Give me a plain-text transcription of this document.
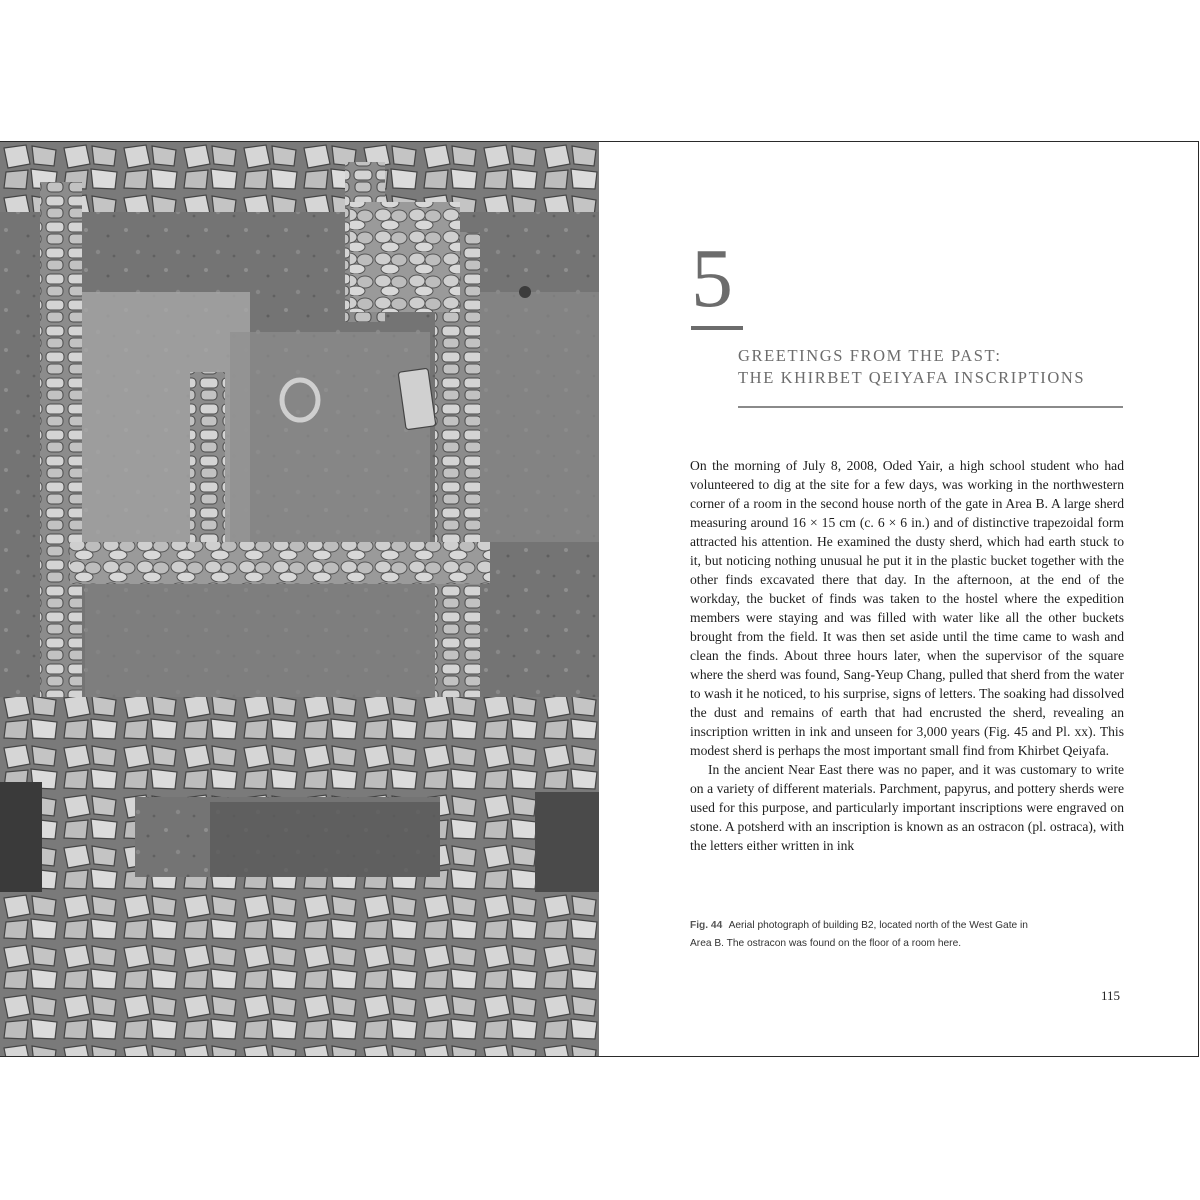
5
GREETINGS FROM THE PAST:
THE KHIRBET QEIYAFA INSCRIPTIONS

On the morning of July 8, 2008, Oded Yair, a high school student who had volunteered to dig at the site for a few days, was working in the northwestern corner of a room in the second house north of the gate in Area B. A large sherd measuring around 16 × 15 cm (c. 6 × 6 in.) and of distinctive trapezoidal form attracted his attention. He examined the dusty sherd, which had earth stuck to it, but noticing nothing unusual he put it in the plastic bucket together with the other finds excavated there that day. In the afternoon, at the end of the workday, the bucket of finds was taken to the hostel where the expedition members were staying and was filled with water like all the other buckets brought from the field. It was then set aside until the time came to wash and clean the finds. About three hours later, when the supervisor of the square where the sherd was found, Sang-Yeup Chang, pulled that sherd from the water to wash it he noticed, to his surprise, signs of letters. The soaking had dissolved the dust and remains of earth that had encrusted the sherd, revealing an inscription written in ink and unseen for 3,000 years (Fig. 45 and Pl. xx). This modest sherd is perhaps the most important small find from Khirbet Qeiyafa.

In the ancient Near East there was no paper, and it was customary to write on a variety of different materials. Parchment, papyrus, and pottery sherds were used for this purpose, and particularly important inscriptions were engraved on stone. A potsherd with an inscription is known as an ostracon (pl. ostraca), with the letters either written in ink

Fig. 44 Aerial photograph of building B2, located north of the West Gate in Area B. The ostracon was found on the floor of a room here.
115
